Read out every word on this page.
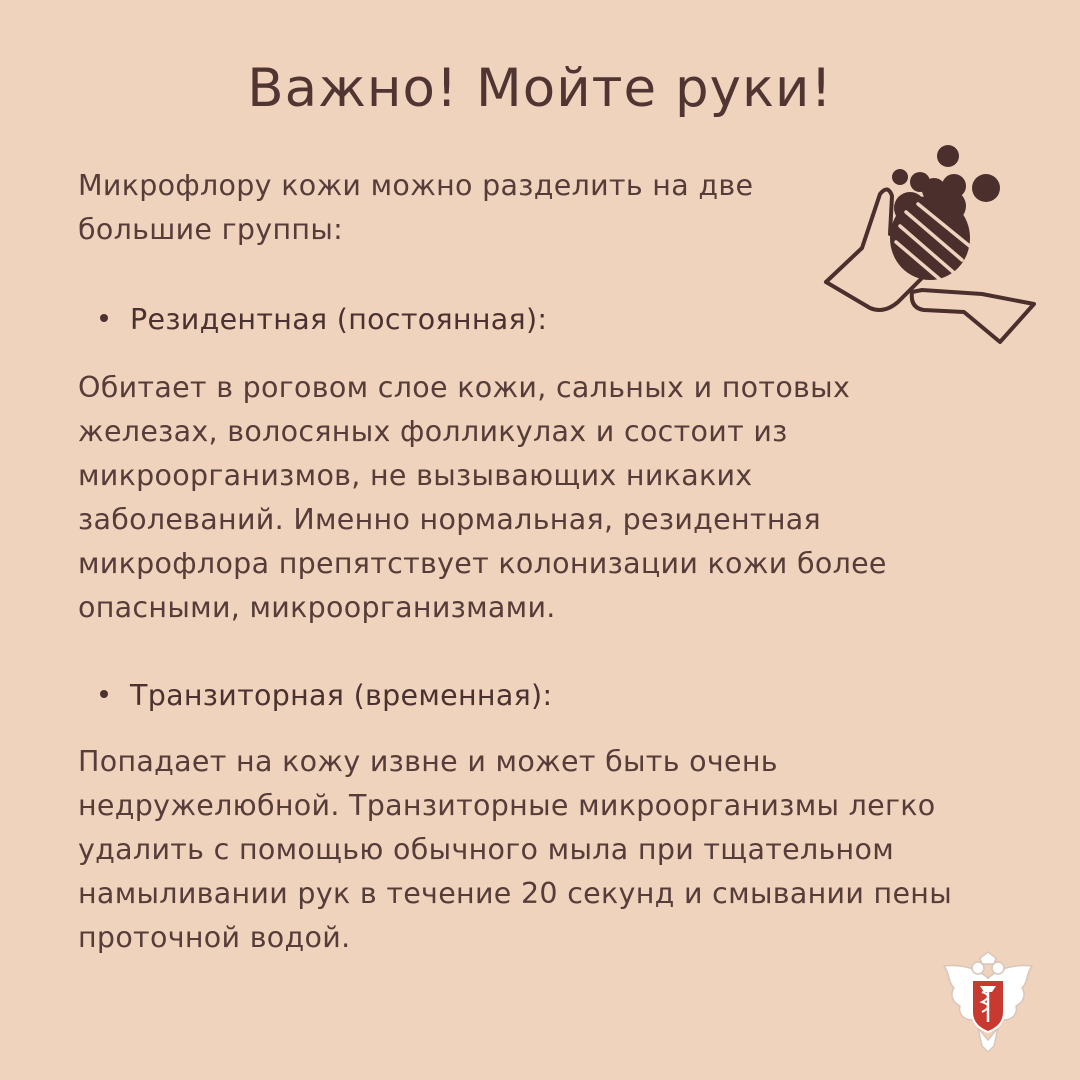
Важно! Мойте руки!

Микрофлору кожи можно разделить на две большие группы:

Резидентная (постоянная):

Обитает в роговом слое кожи, сальных и потовых железах, волосяных фолликулах и состоит из микроорганизмов, не вызывающих никаких заболеваний. Именно нормальная, резидентная микрофлора препятствует колонизации кожи более опасными, микроорганизмами.

Транзиторная (временная):

Попадает на кожу извне и может быть очень недружелюбной. Транзиторные микроорганизмы легко удалить с помощью обычного мыла при тщательном намыливании рук в течение 20 секунд и смывании пены проточной водой.
